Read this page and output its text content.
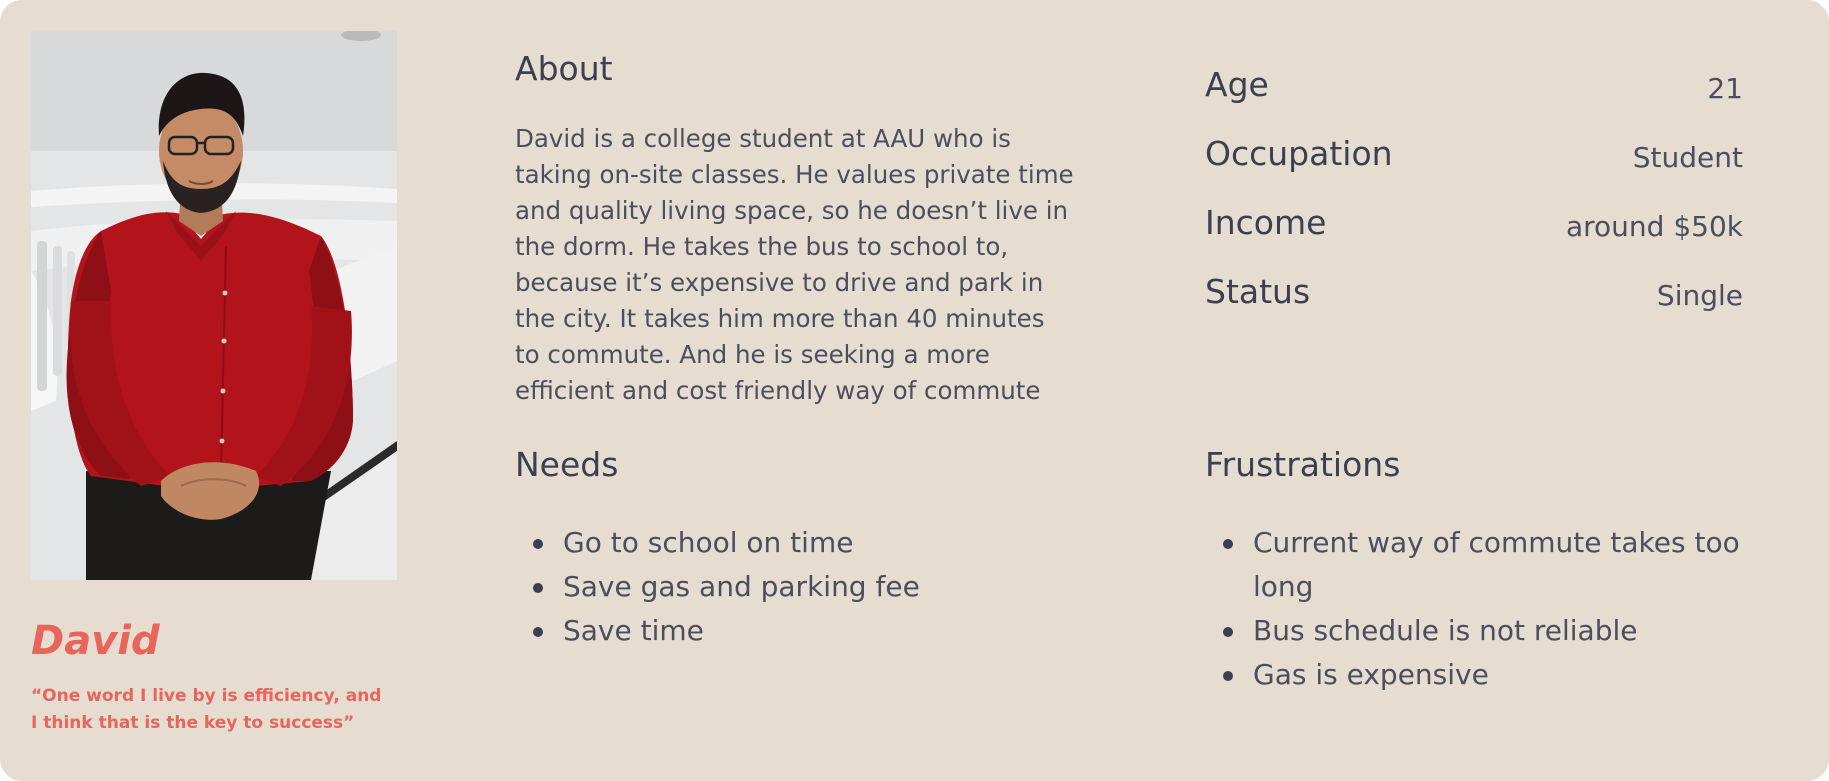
David

“One word I live by is efficiency, and I think that is the key to success”

About

David is a college student at AAU who is taking on-site classes. He values private time and quality living space, so he doesn’t live in the dorm. He takes the bus to school to, because it’s expensive to drive and park in the city. It takes him more than 40 minutes to commute. And he is seeking a more efficient and cost friendly way of commute

Age	21
Occupation	Student
Income	around $50k
Status	Single
Needs
Go to school on time
Save gas and parking fee
Save time
Frustrations
Current way of commute takes too long
Bus schedule is not reliable
Gas is expensive
